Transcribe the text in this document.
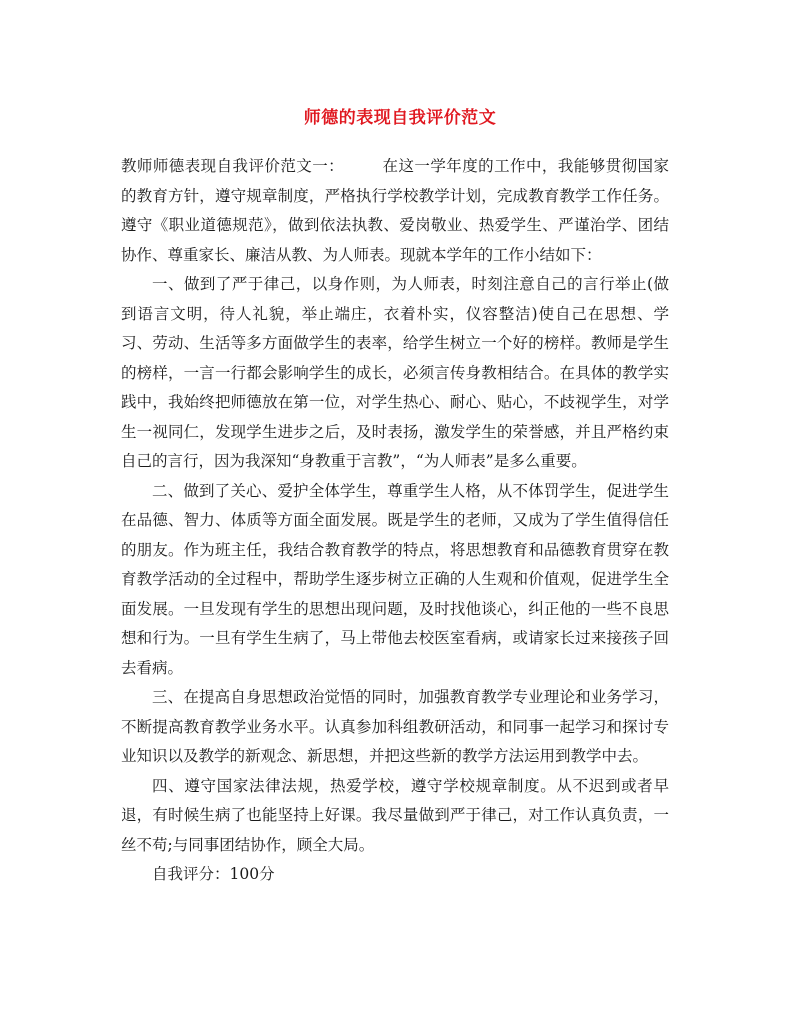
师德的表现自我评价范文

教师师德表现自我评价范文一： 在这一学年度的工作中，我能够贯彻国家的教育方针，遵守规章制度，严格执行学校教学计划，完成教育教学工作任务。遵守《职业道德规范》，做到依法执教、爱岗敬业、热爱学生、严谨治学、团结协作、尊重家长、廉洁从教、为人师表。现就本学年的工作小结如下：

一、做到了严于律己，以身作则，为人师表，时刻注意自己的言行举止(做到语言文明，待人礼貌，举止端庄，衣着朴实，仪容整洁)使自己在思想、学习、劳动、生活等多方面做学生的表率，给学生树立一个好的榜样。教师是学生的榜样，一言一行都会影响学生的成长，必须言传身教相结合。在具体的教学实践中，我始终把师德放在第一位，对学生热心、耐心、贴心，不歧视学生，对学生一视同仁，发现学生进步之后，及时表扬，激发学生的荣誉感，并且严格约束自己的言行，因为我深知“身教重于言教”，“为人师表”是多么重要。

二、做到了关心、爱护全体学生，尊重学生人格，从不体罚学生，促进学生在品德、智力、体质等方面全面发展。既是学生的老师，又成为了学生值得信任的朋友。作为班主任，我结合教育教学的特点，将思想教育和品德教育贯穿在教育教学活动的全过程中，帮助学生逐步树立正确的人生观和价值观，促进学生全面发展。一旦发现有学生的思想出现问题，及时找他谈心，纠正他的一些不良思想和行为。一旦有学生生病了，马上带他去校医室看病，或请家长过来接孩子回去看病。

三、在提高自身思想政治觉悟的同时，加强教育教学专业理论和业务学习，不断提高教育教学业务水平。认真参加科组教研活动，和同事一起学习和探讨专业知识以及教学的新观念、新思想，并把这些新的教学方法运用到教学中去。

四、遵守国家法律法规，热爱学校，遵守学校规章制度。从不迟到或者早退，有时候生病了也能坚持上好课。我尽量做到严于律己，对工作认真负责，一丝不苟;与同事团结协作，顾全大局。

自我评分：100分
